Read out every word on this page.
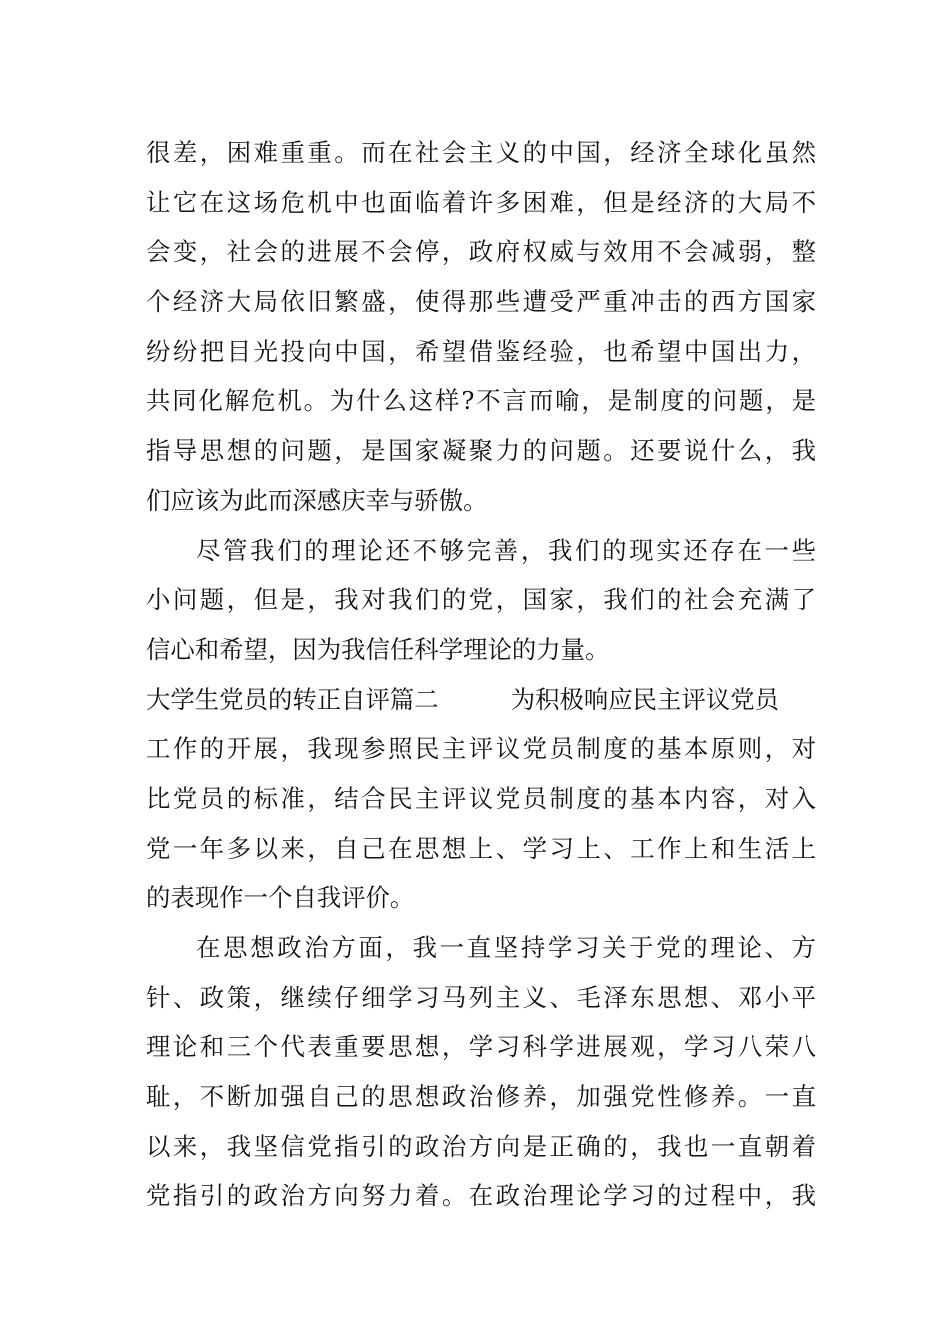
很差，困难重重。而在社会主义的中国，经济全球化虽然
让它在这场危机中也面临着许多困难，但是经济的大局不
会变，社会的进展不会停，政府权威与效用不会减弱，整
个经济大局依旧繁盛，使得那些遭受严重冲击的西方国家
纷纷把目光投向中国，希望借鉴经验，也希望中国出力，
共同化解危机。为什么这样?不言而喻，是制度的问题，是
指导思想的问题，是国家凝聚力的问题。还要说什么，我
们应该为此而深感庆幸与骄傲。
尽管我们的理论还不够完善，我们的现实还存在一些
小问题，但是，我对我们的党，国家，我们的社会充满了
信心和希望，因为我信任科学理论的力量。
大学生党员的转正自评篇二	为积极响应民主评议党员
工作的开展，我现参照民主评议党员制度的基本原则，对
比党员的标准，结合民主评议党员制度的基本内容，对入
党一年多以来，自己在思想上、学习上、工作上和生活上
的表现作一个自我评价。
在思想政治方面，我一直坚持学习关于党的理论、方
针、政策，继续仔细学习马列主义、毛泽东思想、邓小平
理论和三个代表重要思想，学习科学进展观，学习八荣八
耻，不断加强自己的思想政治修养，加强党性修养。一直
以来，我坚信党指引的政治方向是正确的，我也一直朝着
党指引的政治方向努力着。在政治理论学习的过程中，我
